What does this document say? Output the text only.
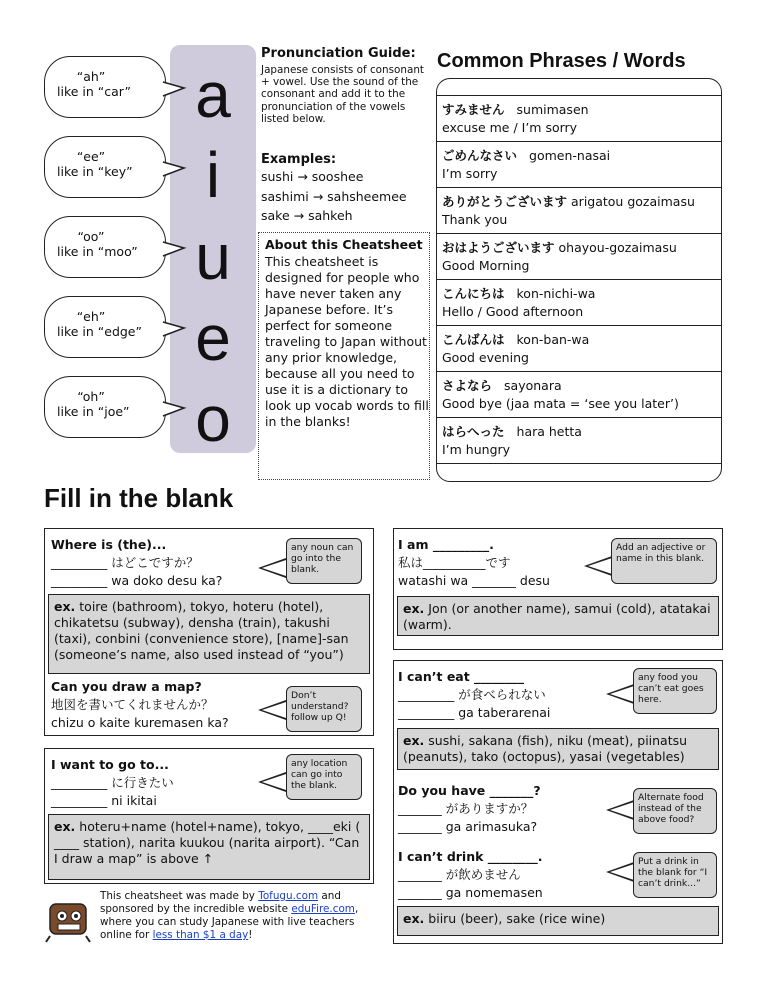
a
i
u
e
o
“ah”
like in “car”
“ee”
like in “key”
“oo”
like in “moo”
“eh”
like in “edge”
“oh”
like in “joe”
Pronunciation Guide:
Japanese consists of consonant + vowel. Use the sound of the consonant and add it to the pronunciation of the vowels listed below.
Examples:
sushi → sooshee
sashimi → sahsheemee
sake → sahkeh
About this Cheatsheet
This cheatsheet is designed for people who have never taken any Japanese before. It’s perfect for someone traveling to Japan without any prior knowledge, because all you need to use it is a dictionary to look up vocab words to fill in the blanks!
Common Phrases / Words
すみません sumimasen
excuse me / I’m sorry
ごめんなさい gomen-nasai
I’m sorry
ありがとうございます arigatou gozaimasu
Thank you
おはようございます ohayou-gozaimasu
Good Morning
こんにちは kon-nichi-wa
Hello / Good afternoon
こんばんは kon-ban-wa
Good evening
さよなら sayonara
Good bye (jaa mata = ‘see you later’)
はらへった hara hetta
I’m hungry
Fill in the blank
Where is (the)...
_________ はどこですか？
_________ wa doko desu ka?
any noun can go into the blank.
ex. toire (bathroom), tokyo, hoteru (hotel), chikatetsu (subway), densha (train), takushi (taxi), conbini (convenience store), [name]-san (someone’s name, also used instead of “you”)
Can you draw a map?
地図を書いてくれませんか？
chizu o kaite kuremasen ka?
Don’t understand? follow up Q!
I want to go to...
_________ に行きたい
_________ ni ikitai
any location can go into the blank.
ex. hoteru+name (hotel+name), tokyo, ____eki ( ____ station), narita kuukou (narita airport). “Can I draw a map” is above ↑
I am _________.
私は__________です
watashi wa _______ desu
Add an adjective or name in this blank.
ex. Jon (or another name), samui (cold), atatakai (warm).
I can’t eat ________
_________ が食べられない
_________ ga taberarenai
any food you can’t eat goes here.
ex. sushi, sakana (fish), niku (meat), piinatsu (peanuts), tako (octopus), yasai (vegetables)
Do you have _______?
_______ がありますか？
_______ ga arimasuka?
Alternate food instead of the above food?
I can’t drink ________.
_______ が飲めません
_______ ga nomemasen
Put a drink in the blank for “I can’t drink...”
ex. biiru (beer), sake (rice wine)
This cheatsheet was made by Tofugu.com and sponsored by the incredible website eduFire.com, where you can study Japanese with live teachers online for less than $1 a day!
